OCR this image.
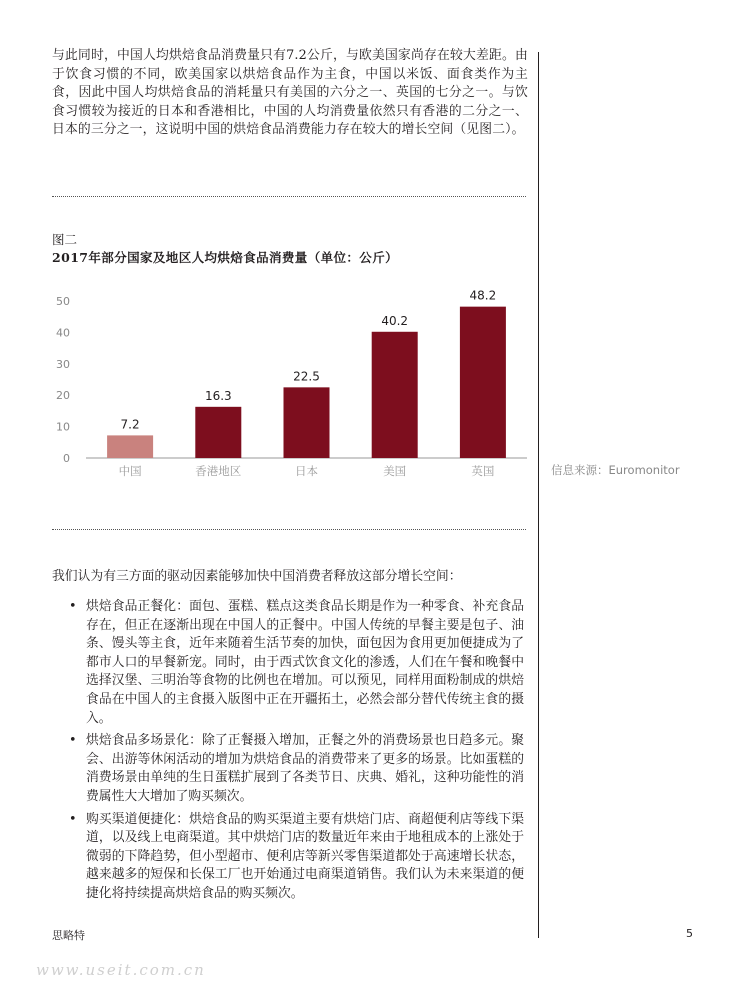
与此同时，中国人均烘焙食品消费量只有7.2公斤，与欧美国家尚存在较大差距。由于饮食习惯的不同，欧美国家以烘焙食品作为主食，中国以米饭、面食类作为主食，因此中国人均烘焙食品的消耗量只有美国的六分之一、英国的七分之一。与饮食习惯较为接近的日本和香港相比，中国的人均消费量依然只有香港的二分之一、日本的三分之一，这说明中国的烘焙食品消费能力存在较大的增长空间（见图二）。

图二
2017年部分国家及地区人均烘焙食品消费量（单位：公斤）
0
10
20
30
40
50
7.2
中国
16.3
香港地区
22.5
日本
40.2
美国
48.2
英国	信息来源：Euromonitor

我们认为有三方面的驱动因素能够加快中国消费者释放这部分增长空间：

• 烘焙食品正餐化：面包、蛋糕、糕点这类食品长期是作为一种零食、补充食品存在，但正在逐渐出现在中国人的正餐中。中国人传统的早餐主要是包子、油条、馒头等主食，近年来随着生活节奏的加快，面包因为食用更加便捷成为了都市人口的早餐新宠。同时，由于西式饮食文化的渗透，人们在午餐和晚餐中选择汉堡、三明治等食物的比例也在增加。可以预见，同样用面粉制成的烘焙食品在中国人的主食摄入版图中正在开疆拓土，必然会部分替代传统主食的摄入。
• 烘焙食品多场景化：除了正餐摄入增加，正餐之外的消费场景也日趋多元。聚会、出游等休闲活动的增加为烘焙食品的消费带来了更多的场景。比如蛋糕的消费场景由单纯的生日蛋糕扩展到了各类节日、庆典、婚礼，这种功能性的消费属性大大增加了购买频次。
• 购买渠道便捷化：烘焙食品的购买渠道主要有烘焙门店、商超便利店等线下渠道，以及线上电商渠道。其中烘焙门店的数量近年来由于地租成本的上涨处于微弱的下降趋势，但小型超市、便利店等新兴零售渠道都处于高速增长状态，越来越多的短保和长保工厂也开始通过电商渠道销售。我们认为未来渠道的便捷化将持续提高烘焙食品的购买频次。
思略特	5
www.useit.com.cn
